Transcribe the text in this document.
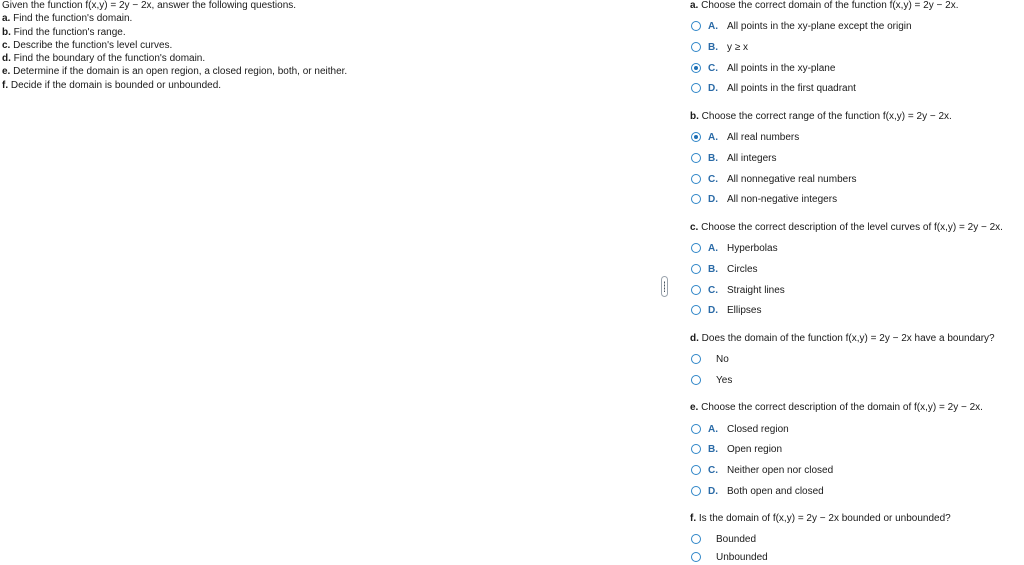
Given the function f(x,y) = 2y − 2x, answer the following questions.
a. Find the function's domain.
b. Find the function's range.
c. Describe the function's level curves.
d. Find the boundary of the function's domain.
e. Determine if the domain is an open region, a closed region, both, or neither.
f. Decide if the domain is bounded or unbounded.
a. Choose the correct domain of the function f(x,y) = 2y − 2x.
A. All points in the xy-plane except the origin
B. y ≥ x
C. All points in the xy-plane
D. All points in the first quadrant
b. Choose the correct range of the function f(x,y) = 2y − 2x.
A. All real numbers
B. All integers
C. All nonnegative real numbers
D. All non-negative integers
c. Choose the correct description of the level curves of f(x,y) = 2y − 2x.
A. Hyperbolas
B. Circles
C. Straight lines
D. Ellipses
d. Does the domain of the function f(x,y) = 2y − 2x have a boundary?
No
Yes
e. Choose the correct description of the domain of f(x,y) = 2y − 2x.
A. Closed region
B. Open region
C. Neither open nor closed
D. Both open and closed
f. Is the domain of f(x,y) = 2y − 2x bounded or unbounded?
Bounded
Unbounded
